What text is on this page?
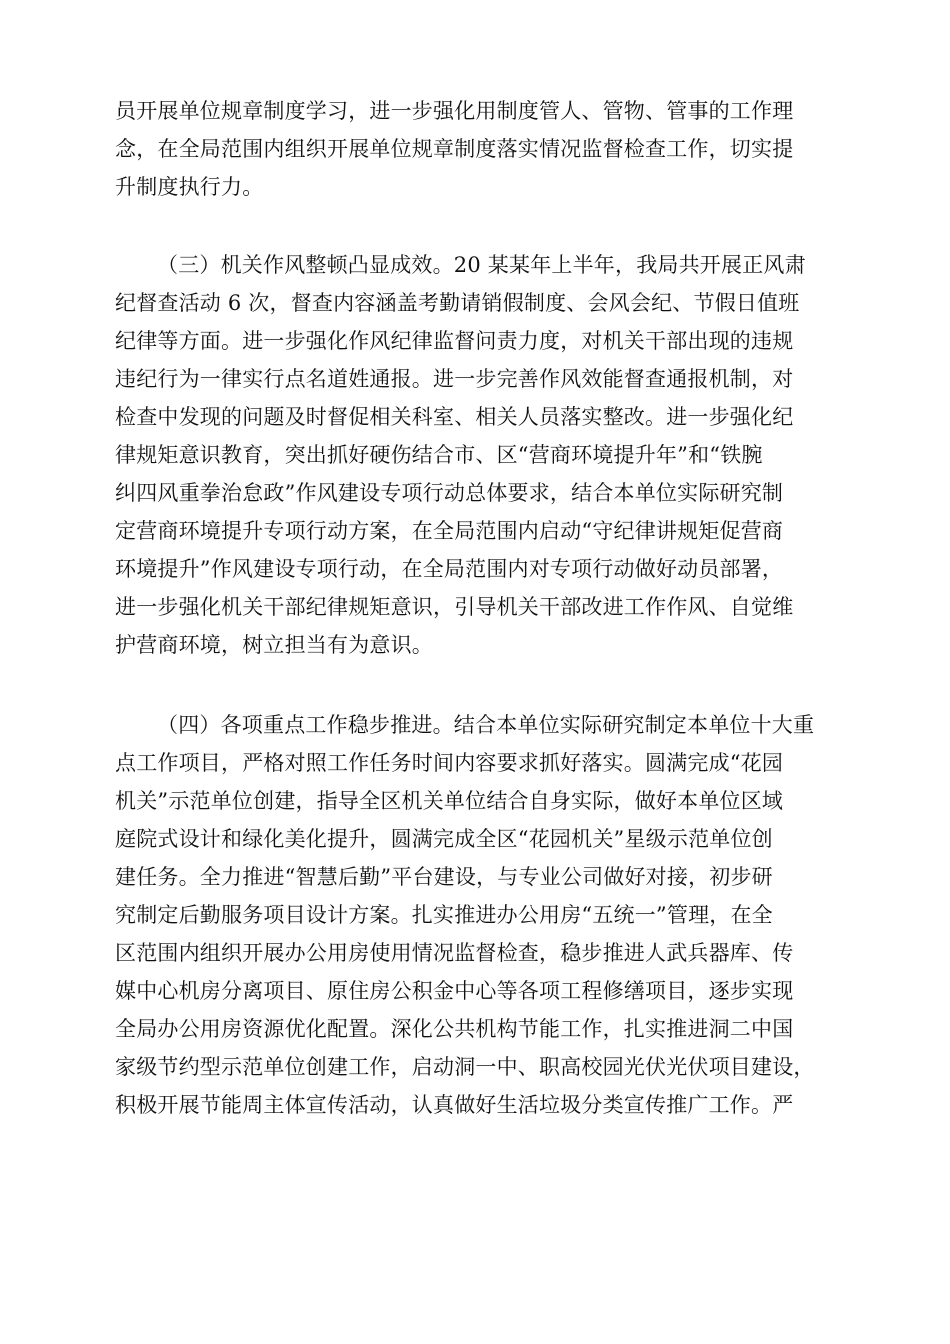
员开展单位规章制度学习，进一步强化用制度管人、管物、管事的工作理
念，在全局范围内组织开展单位规章制度落实情况监督检查工作，切实提
升制度执行力。
（三）机关作风整顿凸显成效。20 某某年上半年，我局共开展正风肃
纪督查活动 6 次，督查内容涵盖考勤请销假制度、会风会纪、节假日值班
纪律等方面。进一步强化作风纪律监督问责力度，对机关干部出现的违规
违纪行为一律实行点名道姓通报。进一步完善作风效能督查通报机制，对
检查中发现的问题及时督促相关科室、相关人员落实整改。进一步强化纪
律规矩意识教育，突出抓好硬伤结合市、区“营商环境提升年”和“铁腕
纠四风重拳治怠政”作风建设专项行动总体要求，结合本单位实际研究制
定营商环境提升专项行动方案，在全局范围内启动“守纪律讲规矩促营商
环境提升”作风建设专项行动，在全局范围内对专项行动做好动员部署，
进一步强化机关干部纪律规矩意识，引导机关干部改进工作作风、自觉维
护营商环境，树立担当有为意识。
（四）各项重点工作稳步推进。结合本单位实际研究制定本单位十大重
点工作项目，严格对照工作任务时间内容要求抓好落实。圆满完成“花园
机关”示范单位创建，指导全区机关单位结合自身实际，做好本单位区域
庭院式设计和绿化美化提升，圆满完成全区“花园机关”星级示范单位创
建任务。全力推进“智慧后勤”平台建设，与专业公司做好对接，初步研
究制定后勤服务项目设计方案。扎实推进办公用房“五统一”管理，在全
区范围内组织开展办公用房使用情况监督检查，稳步推进人武兵器库、传
媒中心机房分离项目、原住房公积金中心等各项工程修缮项目，逐步实现
全局办公用房资源优化配置。深化公共机构节能工作，扎实推进洞二中国
家级节约型示范单位创建工作，启动洞一中、职高校园光伏光伏项目建设，
积极开展节能周主体宣传活动，认真做好生活垃圾分类宣传推广工作。严
